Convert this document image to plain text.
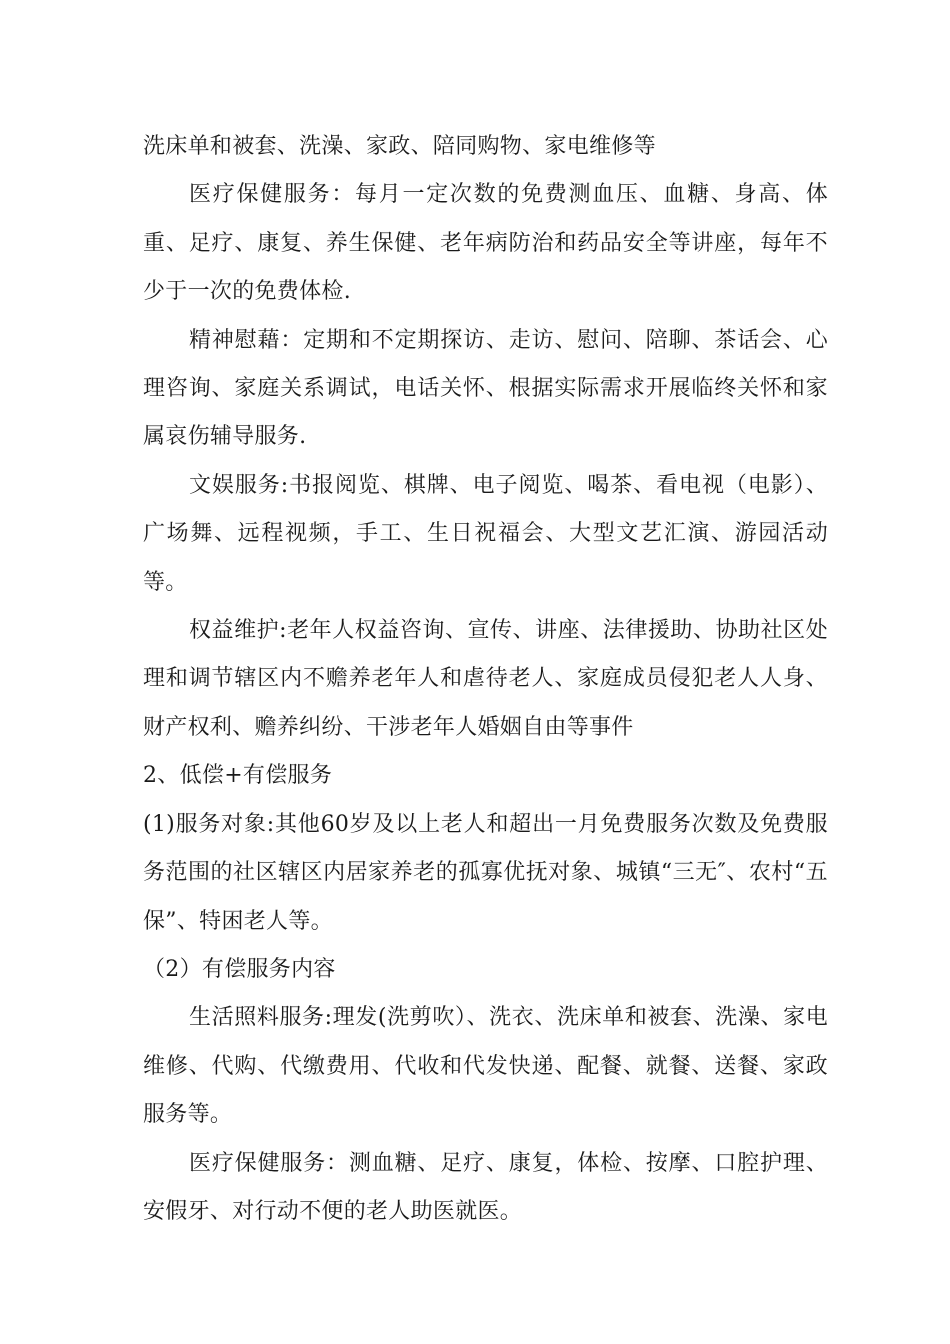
洗床单和被套、洗澡、家政、陪同购物、家电维修等

医疗保健服务：每月一定次数的免费测血压、血糖、身高、体重、足疗、康复、养生保健、老年病防治和药品安全等讲座，每年不少于一次的免费体检.

精神慰藉：定期和不定期探访、走访、慰问、陪聊、茶话会、心理咨询、家庭关系调试，电话关怀、根据实际需求开展临终关怀和家属哀伤辅导服务.

文娱服务:书报阅览、棋牌、电子阅览、喝茶、看电视（电影）、广场舞、远程视频，手工、生日祝福会、大型文艺汇演、游园活动等。

权益维护:老年人权益咨询、宣传、讲座、法律援助、协助社区处理和调节辖区内不赡养老年人和虐待老人、家庭成员侵犯老人人身、财产权利、赡养纠纷、干涉老年人婚姻自由等事件

2、低偿+有偿服务

(1)服务对象:其他60岁及以上老人和超出一月免费服务次数及免费服务范围的社区辖区内居家养老的孤寡优抚对象、城镇“三无″、农村“五保”、特困老人等。

（2）有偿服务内容

生活照料服务:理发(洗剪吹）、洗衣、洗床单和被套、洗澡、家电维修、代购、代缴费用、代收和代发快递、配餐、就餐、送餐、家政服务等。

医疗保健服务：测血糖、足疗、康复，体检、按摩、口腔护理、安假牙、对行动不便的老人助医就医。
